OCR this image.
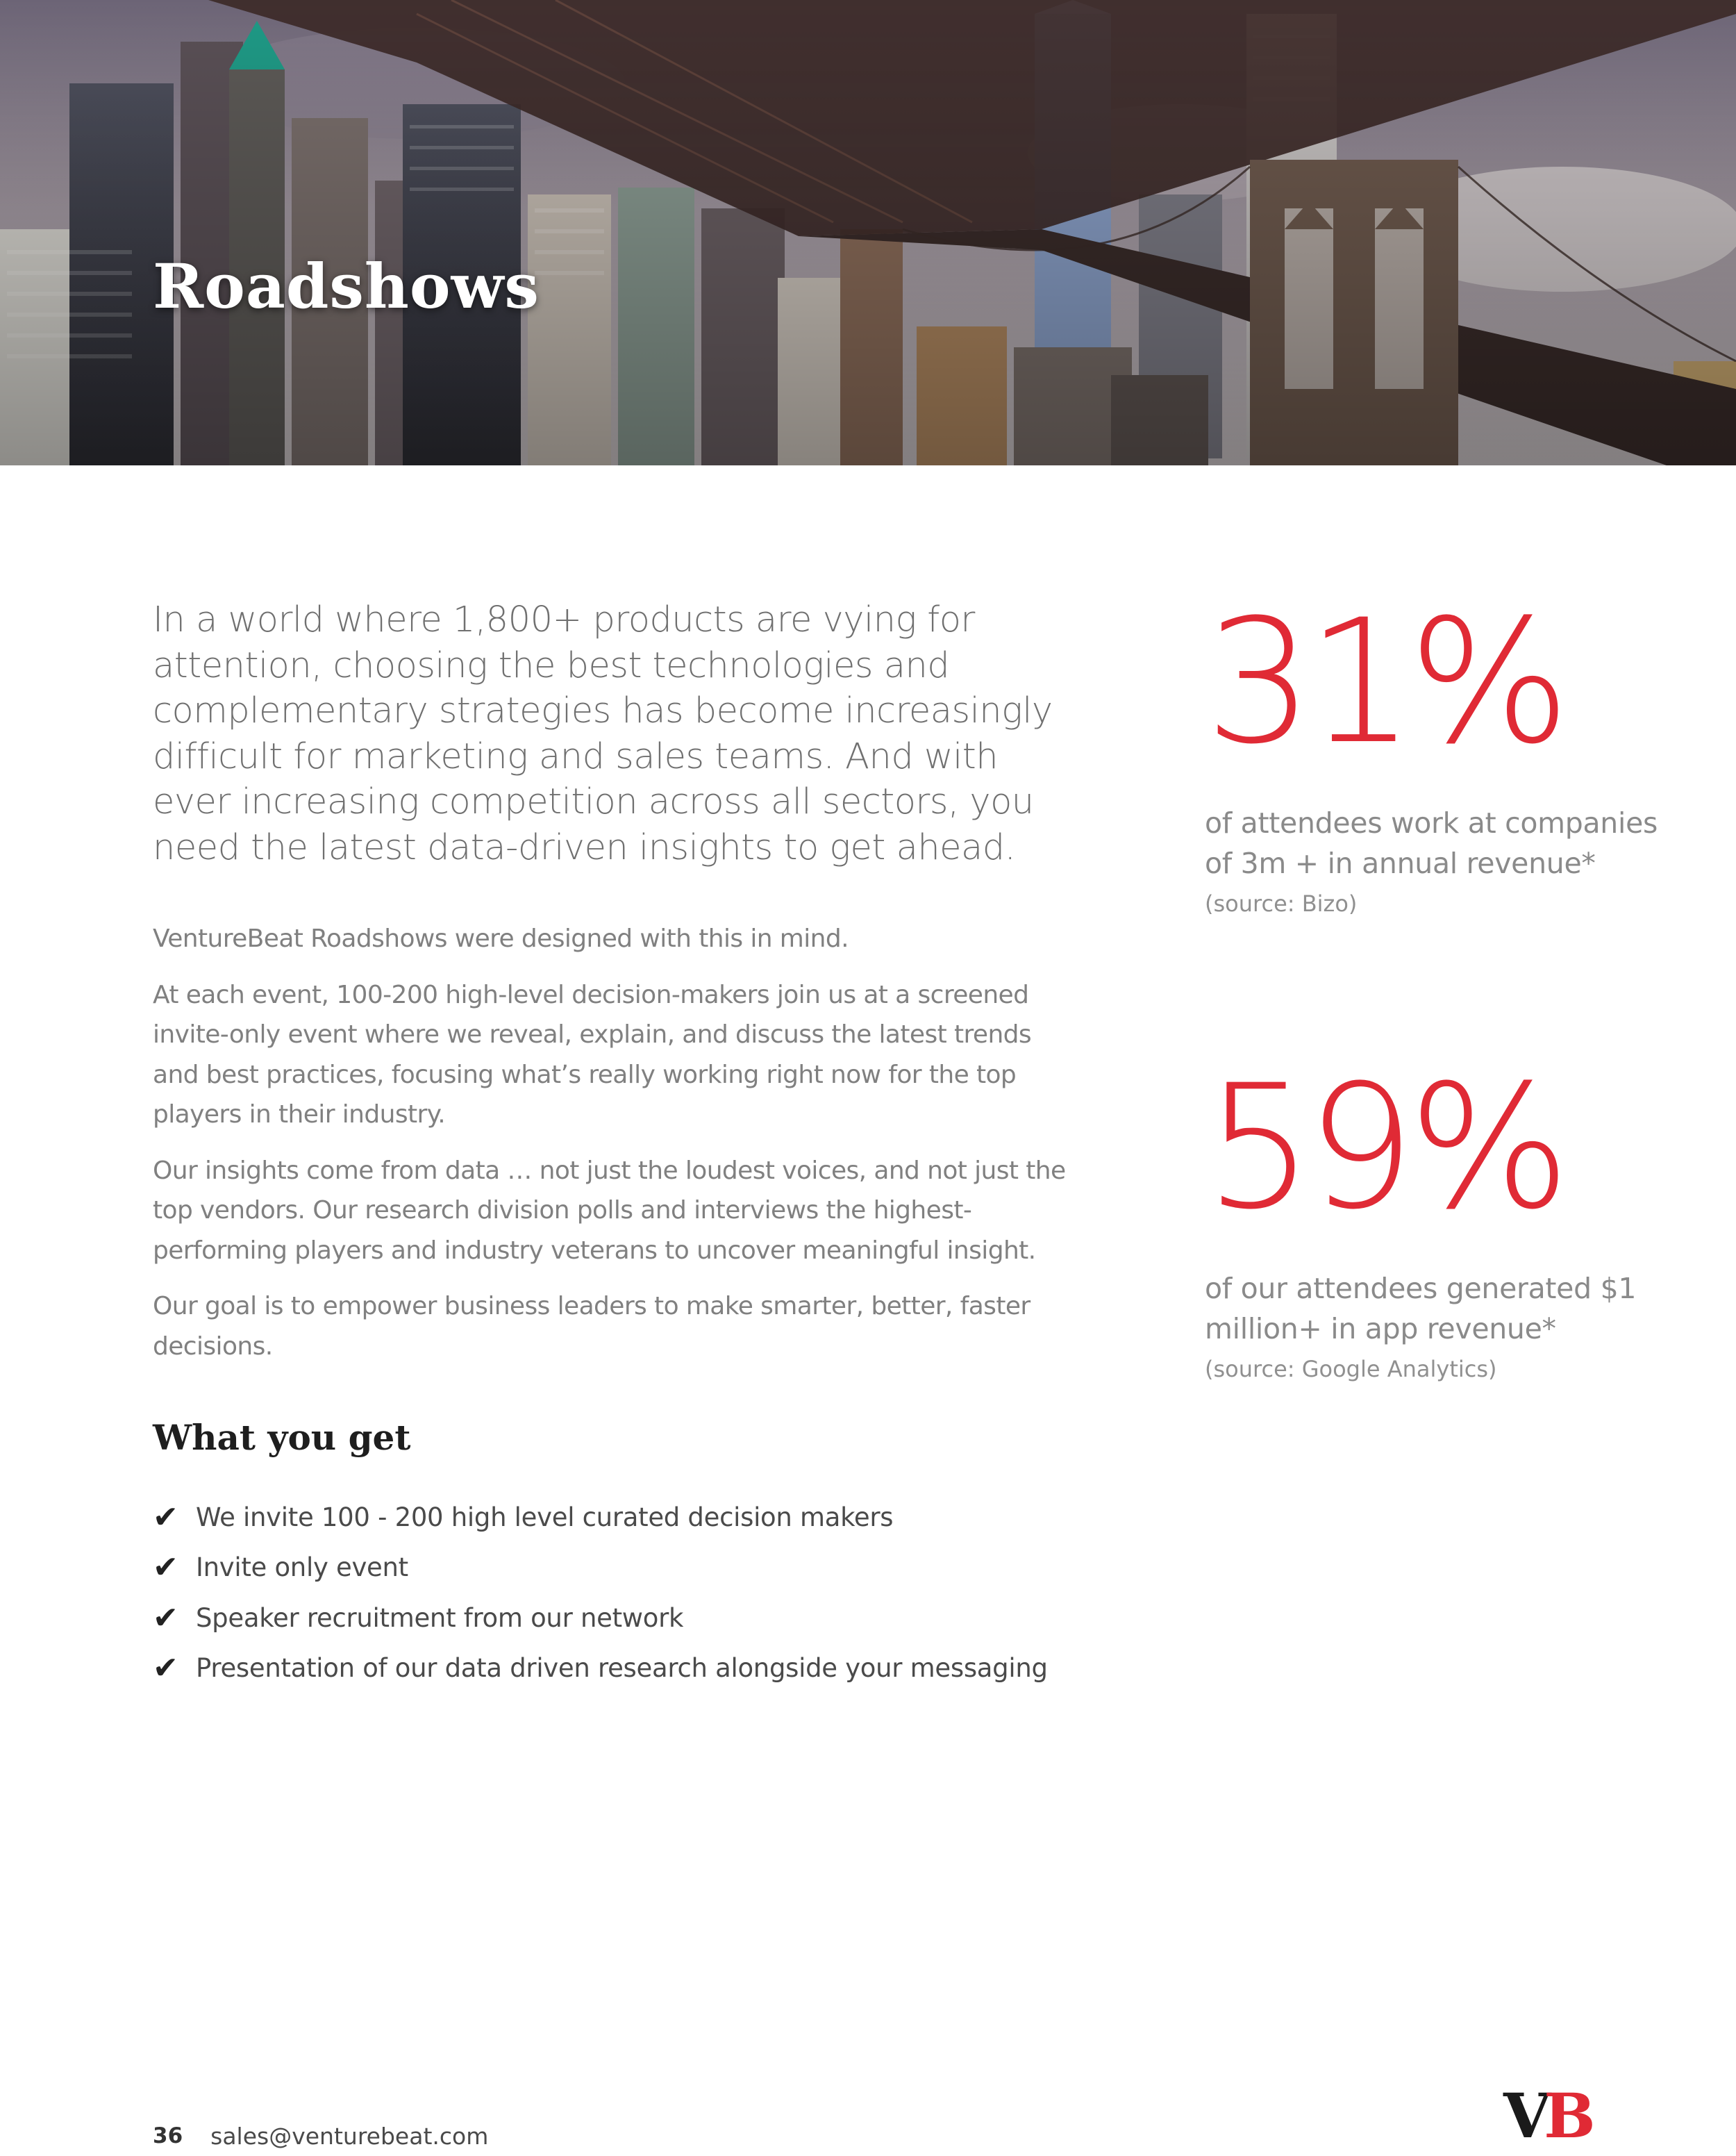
Roadshows

In a world where 1,800+ products are vying for attention, choosing the best technologies and complementary strategies has become increasingly difficult for marketing and sales teams. And with ever increasing competition across all sectors, you need the latest data-driven insights to get ahead.

VentureBeat Roadshows were designed with this in mind.

At each event, 100-200 high-level decision-makers join us at a screened invite-only event where we reveal, explain, and discuss the latest trends and best practices, focusing what’s really working right now for the top players in their industry.

Our insights come from data … not just the loudest voices, and not just the top vendors. Our research division polls and interviews the highest-performing players and industry veterans to uncover meaningful insight.

Our goal is to empower business leaders to make smarter, better, faster decisions.

What you get
✔ We invite 100 - 200 high level curated decision makers
✔ Invite only event
✔ Speaker recruitment from our network
✔ Presentation of our data driven research alongside your messaging

31%

of attendees work at companies of 3m + in annual revenue*

(source: Bizo)

59%

of our attendees generated $1 million+ in app revenue*

(source: Google Analytics)

36 sales@venturebeat.com	V B
